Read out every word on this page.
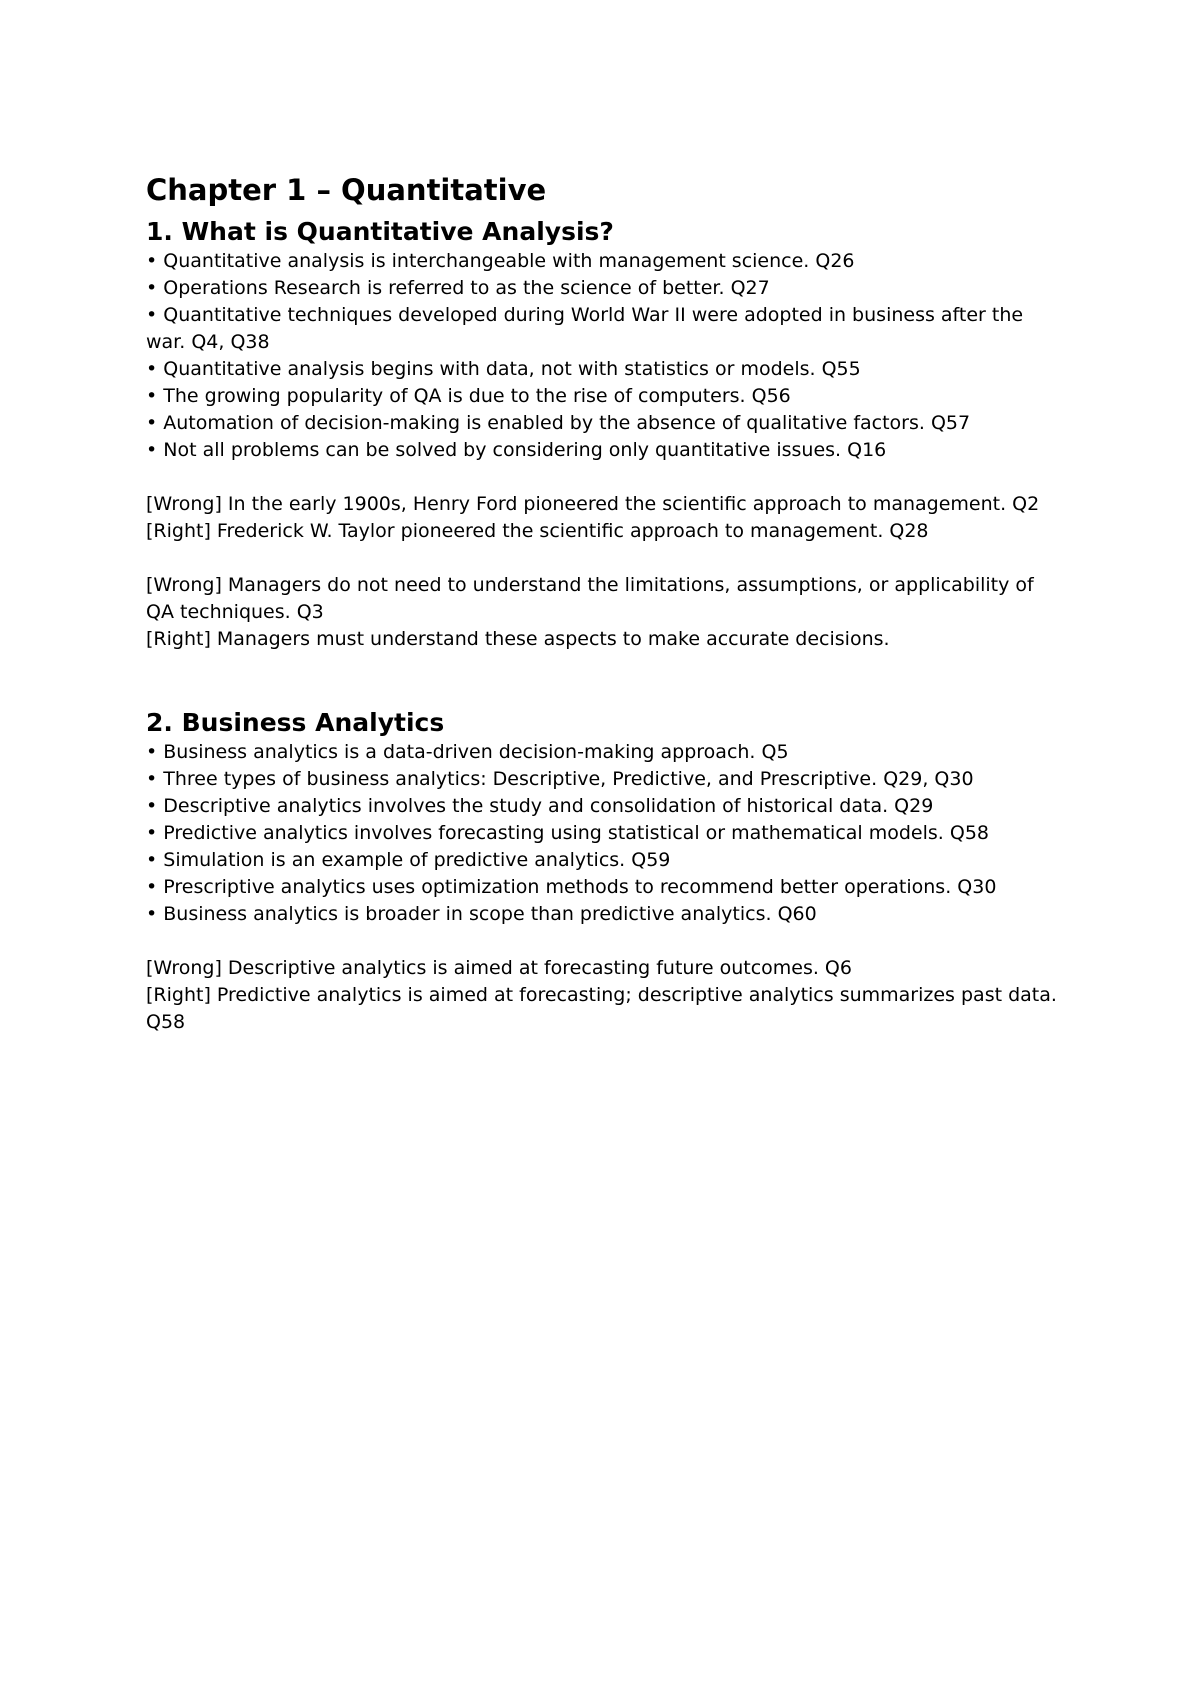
Chapter 1 – Quantitative
1. What is Quantitative Analysis?
• Quantitative analysis is interchangeable with management science. Q26
• Operations Research is referred to as the science of better. Q27
• Quantitative techniques developed during World War II were adopted in business after the war. Q4, Q38
• Quantitative analysis begins with data, not with statistics or models. Q55
• The growing popularity of QA is due to the rise of computers. Q56
• Automation of decision-making is enabled by the absence of qualitative factors. Q57
• Not all problems can be solved by considering only quantitative issues. Q16

[Wrong] In the early 1900s, Henry Ford pioneered the scientific approach to management. Q2

[Right] Frederick W. Taylor pioneered the scientific approach to management. Q28

[Wrong] Managers do not need to understand the limitations, assumptions, or applicability of QA techniques. Q3

[Right] Managers must understand these aspects to make accurate decisions.

2. Business Analytics
• Business analytics is a data-driven decision-making approach. Q5
• Three types of business analytics: Descriptive, Predictive, and Prescriptive. Q29, Q30
• Descriptive analytics involves the study and consolidation of historical data. Q29
• Predictive analytics involves forecasting using statistical or mathematical models. Q58
• Simulation is an example of predictive analytics. Q59
• Prescriptive analytics uses optimization methods to recommend better operations. Q30
• Business analytics is broader in scope than predictive analytics. Q60

[Wrong] Descriptive analytics is aimed at forecasting future outcomes. Q6

[Right] Predictive analytics is aimed at forecasting; descriptive analytics summarizes past data. Q58
